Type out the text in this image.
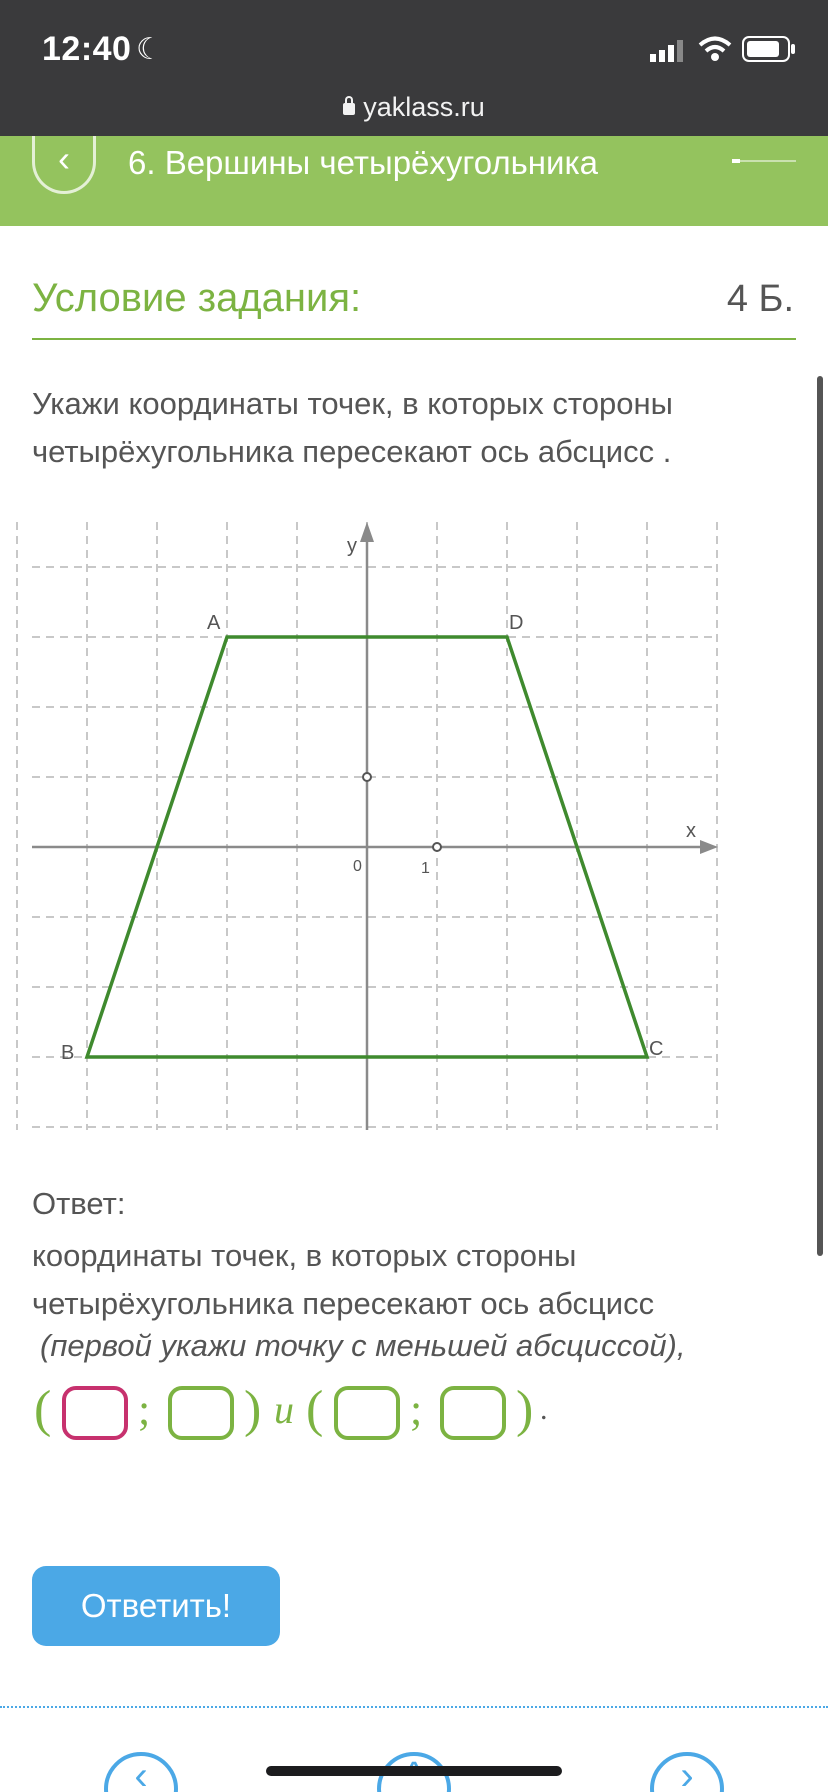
12:40 ☾
yaklass.ru
‹	6. Вершины четырёхугольника
Условие задания:	4 Б.
Укажи координаты точек, в которых стороны четырёхугольника пересекают ось абсцисс .
A	D
C
B
x
y
0	1
Ответ:
координаты точек, в которых стороны четырёхугольника пересекают ось абсцисс
(первой укажи точку с меньшей абсциссой),
( ; ) и ( ; ) .
Ответить!
‹	›
